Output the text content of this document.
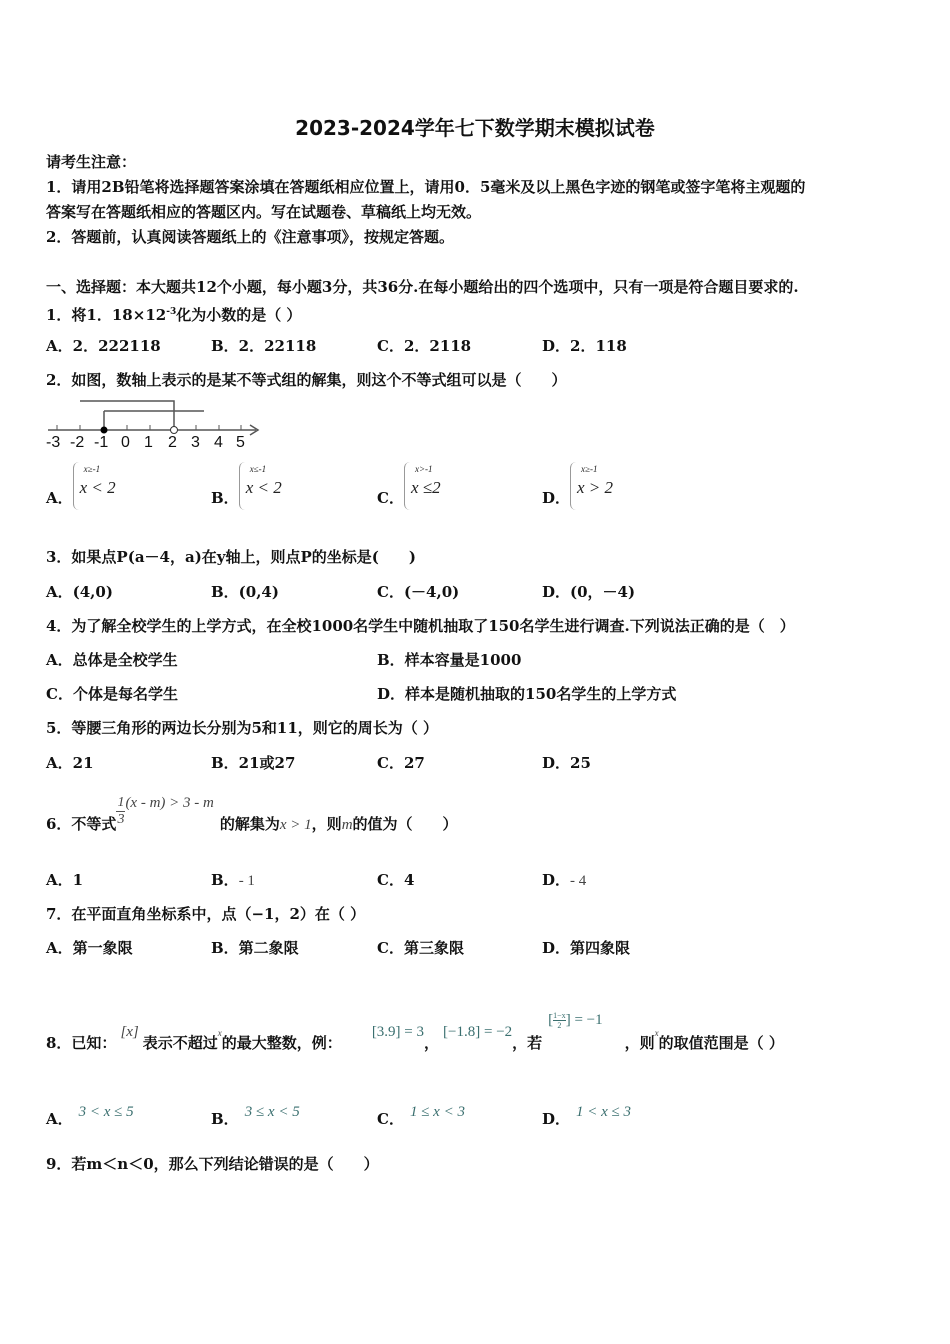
2023-2024学年七下数学期末模拟试卷
请考生注意：
1．请用2B铅笔将选择题答案涂填在答题纸相应位置上，请用0．5毫米及以上黑色字迹的钢笔或签字笔将主观题的
答案写在答题纸相应的答题区内。写在试题卷、草稿纸上均无效。
2．答题前，认真阅读答题纸上的《注意事项》，按规定答题。
一、选择题：本大题共12个小题，每小题3分，共36分.在每小题给出的四个选项中，只有一项是符合题目要求的.
1．将1．$18\times 12^{-3}$化为小数的是（ ）
A．2．222118	B．2．22118	C．2．2118	D．2．118
2．如图，数轴上表示的是某不等式组的解集，则这个不等式组可以是（　　）
-3 -2 -1 0 1 2 3 4 5
A．
x≥-1
x < 2
B．
x≤-1
x < 2
C．
x>-1
x ≤2
D．
x≥-1
x > 2
3．如果点P(a－4，a)在y轴上，则点P的坐标是(　　)
A．(4,0)	B．(0,4)	C．(－4,0)	D．(0，－4)
4．为了解全校学生的上学方式，在全校1000名学生中随机抽取了150名学生进行调查.下列说法正确的是（　）
A．总体是全校学生	B．样本容量是1000
C．个体是每名学生	D．样本是随机抽取的150名学生的上学方式
5．等腰三角形的两边长分别为5和11，则它的周长为（ ）
A．21	B．21或27	C．27	D．25
6．不等式 $\frac{1}{3} (x - m) > 3 - m$的解集为x > 1，则m的值为（　　）
A．1	B．- 1	C．4	D．- 4
7．在平面直角坐标系中，点（−1，2）在（ ）
A．第一象限	B．第二象限	C．第三象限	D．第四象限
8．已知：[x]表示不超过$^x$的最大整数，例：[3.9] = 3，[−1.8] = −2，若[ $\frac{1-x}{2}$ ] = −1，则$^x$的取值范围是（ ）
A． 3 < x ≤ 5	B． 3 ≤ x < 5	C． 1 ≤ x < 3	D． 1 < x ≤ 3
9．若m＜n＜0，那么下列结论错误的是（　　）
